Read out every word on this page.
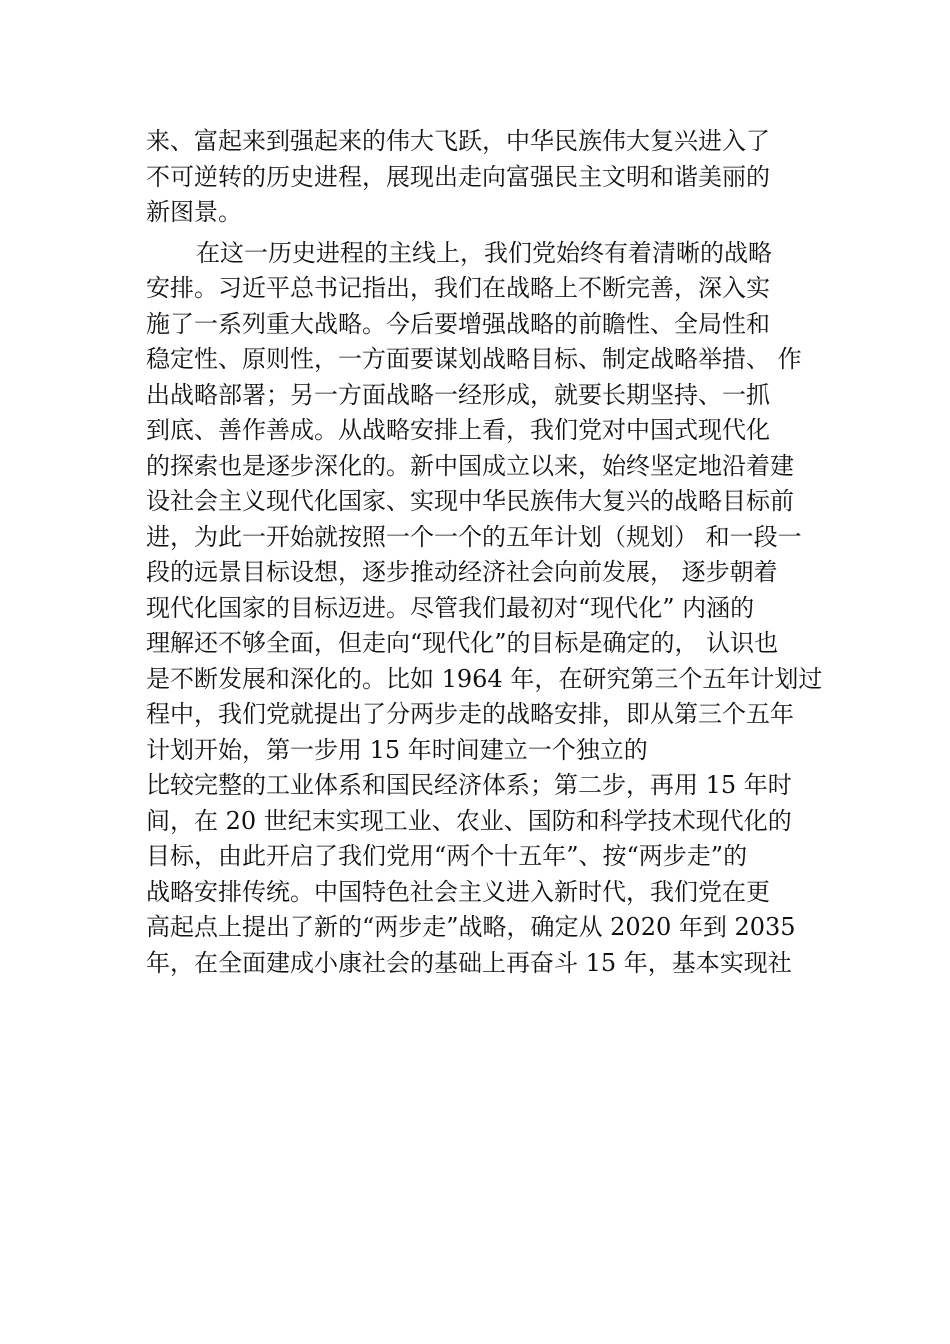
来、富起来到强起来的伟大飞跃，中华民族伟大复兴进入了
不可逆转的历史进程，展现出走向富强民主文明和谐美丽的
新图景。
在这一历史进程的主线上，我们党始终有着清晰的战略
安排。习近平总书记指出，我们在战略上不断完善，深入实
施了一系列重大战略。今后要增强战略的前瞻性、全局性和
稳定性、原则性，一方面要谋划战略目标、制定战略举措、 作
出战略部署；另一方面战略一经形成，就要长期坚持、一抓
到底、善作善成。从战略安排上看，我们党对中国式现代化
的探索也是逐步深化的。新中国成立以来，始终坚定地沿着建
设社会主义现代化国家、实现中华民族伟大复兴的战略目标前
进，为此一开始就按照一个一个的五年计划（规划） 和一段一
段的远景目标设想，逐步推动经济社会向前发展， 逐步朝着
现代化国家的目标迈进。尽管我们最初对“现代化” 内涵的
理解还不够全面，但走向“现代化”的目标是确定的， 认识也
是不断发展和深化的。比如 1964 年，在研究第三个五年计划过
程中，我们党就提出了分两步走的战略安排，即从第三个五年
计划开始，第一步用 15 年时间建立一个独立的
比较完整的工业体系和国民经济体系；第二步，再用 15 年时
间，在 20 世纪末实现工业、农业、国防和科学技术现代化的
目标，由此开启了我们党用“两个十五年”、按“两步走”的
战略安排传统。中国特色社会主义进入新时代，我们党在更
高起点上提出了新的“两步走”战略，确定从 2020 年到 2035
年，在全面建成小康社会的基础上再奋斗 15 年，基本实现社
